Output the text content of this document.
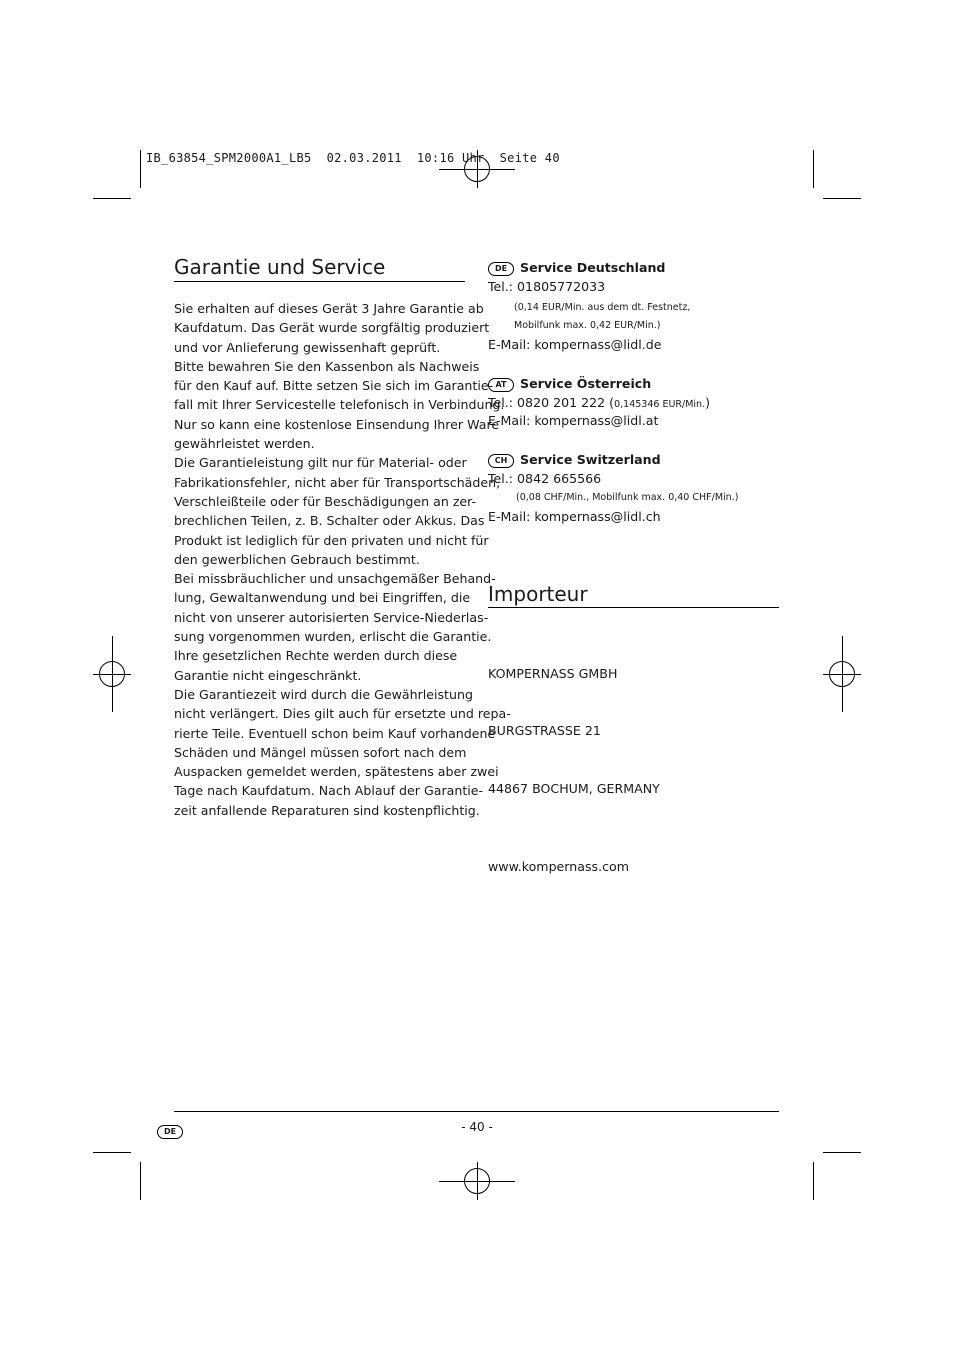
IB_63854_SPM2000A1_LB5  02.03.2011  10:16 Uhr  Seite 40
Garantie und Service
Sie erhalten auf dieses Gerät 3 Jahre Garantie ab
Kaufdatum. Das Gerät wurde sorgfältig produziert
und vor Anlieferung gewissenhaft geprüft.
Bitte bewahren Sie den Kassenbon als Nachweis
für den Kauf auf. Bitte setzen Sie sich im Garantie-
fall mit Ihrer Servicestelle telefonisch in Verbindung.
Nur so kann eine kostenlose Einsendung Ihrer Ware
gewährleistet werden.
Die Garantieleistung gilt nur für Material- oder
Fabrikationsfehler, nicht aber für Transportschäden,
Verschleißteile oder für Beschädigungen an zer-
brechlichen Teilen, z. B. Schalter oder Akkus. Das
Produkt ist lediglich für den privaten und nicht für
den gewerblichen Gebrauch bestimmt.
Bei missbräuchlicher und unsachgemäßer Behand-
lung, Gewaltanwendung und bei Eingriffen, die
nicht von unserer autorisierten Service-Niederlas-
sung vorgenommen wurden, erlischt die Garantie.
Ihre gesetzlichen Rechte werden durch diese
Garantie nicht eingeschränkt.
Die Garantiezeit wird durch die Gewährleistung
nicht verlängert. Dies gilt auch für ersetzte und repa-
rierte Teile. Eventuell schon beim Kauf vorhandene
Schäden und Mängel müssen sofort nach dem
Auspacken gemeldet werden, spätestens aber zwei
Tage nach Kaufdatum. Nach Ablauf der Garantie-
zeit anfallende Reparaturen sind kostenpflichtig.
DE Service Deutschland
Tel.: 01805772033
(0,14 EUR/Min. aus dem dt. Festnetz,
Mobilfunk max. 0,42 EUR/Min.)
E-Mail: kompernass@lidl.de
AT Service Österreich
Tel.: 0820 201 222 (0,145346 EUR/Min.)
E-Mail: kompernass@lidl.at
CH Service Switzerland
Tel.: 0842 665566
(0,08 CHF/Min., Mobilfunk max. 0,40 CHF/Min.)
E-Mail: kompernass@lidl.ch
Importeur

KOMPERNASS GMBH

BURGSTRASSE 21

44867 BOCHUM, GERMANY

www.kompernass.com

DE	- 40 -
